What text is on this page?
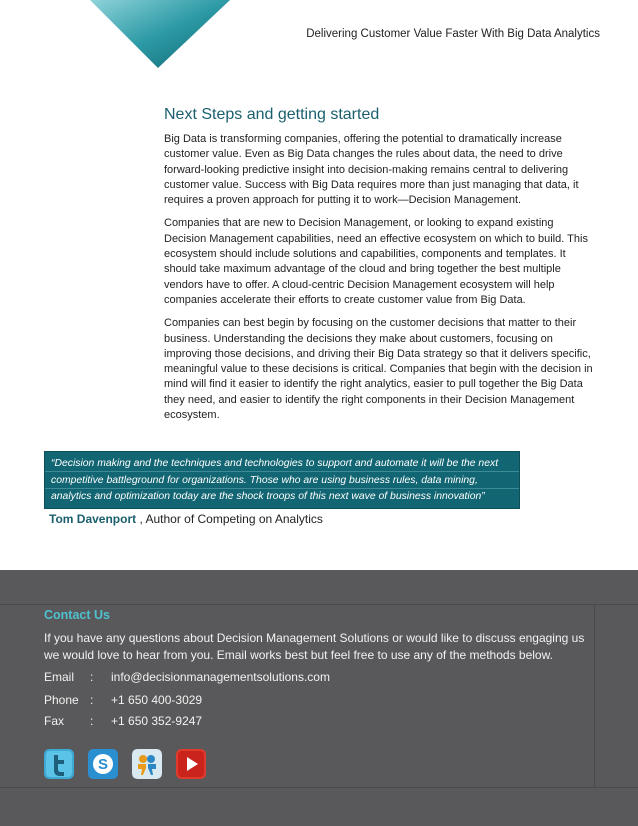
Delivering Customer Value Faster With Big Data Analytics
Next Steps and getting started

Big Data is transforming companies, offering the potential to dramatically increase customer value. Even as Big Data changes the rules about data, the need to drive forward-looking predictive insight into decision-making remains central to delivering customer value. Success with Big Data requires more than just managing that data, it requires a proven approach for putting it to work—Decision Management.

Companies that are new to Decision Management, or looking to expand existing Decision Management capabilities, need an effective ecosystem on which to build. This ecosystem should include solutions and capabilities, components and templates. It should take maximum advantage of the cloud and bring together the best multiple vendors have to offer. A cloud-centric Decision Management ecosystem will help companies accelerate their efforts to create customer value from Big Data.

Companies can best begin by focusing on the customer decisions that matter to their business. Understanding the decisions they make about customers, focusing on improving those decisions, and driving their Big Data strategy so that it delivers specific, meaningful value to these decisions is critical. Companies that begin with the decision in mind will find it easier to identify the right analytics, easier to pull together the Big Data they need, and easier to identify the right components in their Decision Management ecosystem.

“Decision making and the techniques and technologies to support and automate it will be the next competitive battleground for organizations. Those who are using business rules, data mining, analytics and optimization today are the shock troops of this next wave of business innovation”
Tom Davenport , Author of Competing on Analytics
Contact Us
If you have any questions about Decision Management Solutions or would like to discuss engaging us we would love to hear from you. Email works best but feel free to use any of the methods below.
Email	: info@decisionmanagementsolutions.com
Phone : +1 650 400-3029
Fax	: +1 650 352-9247
S
